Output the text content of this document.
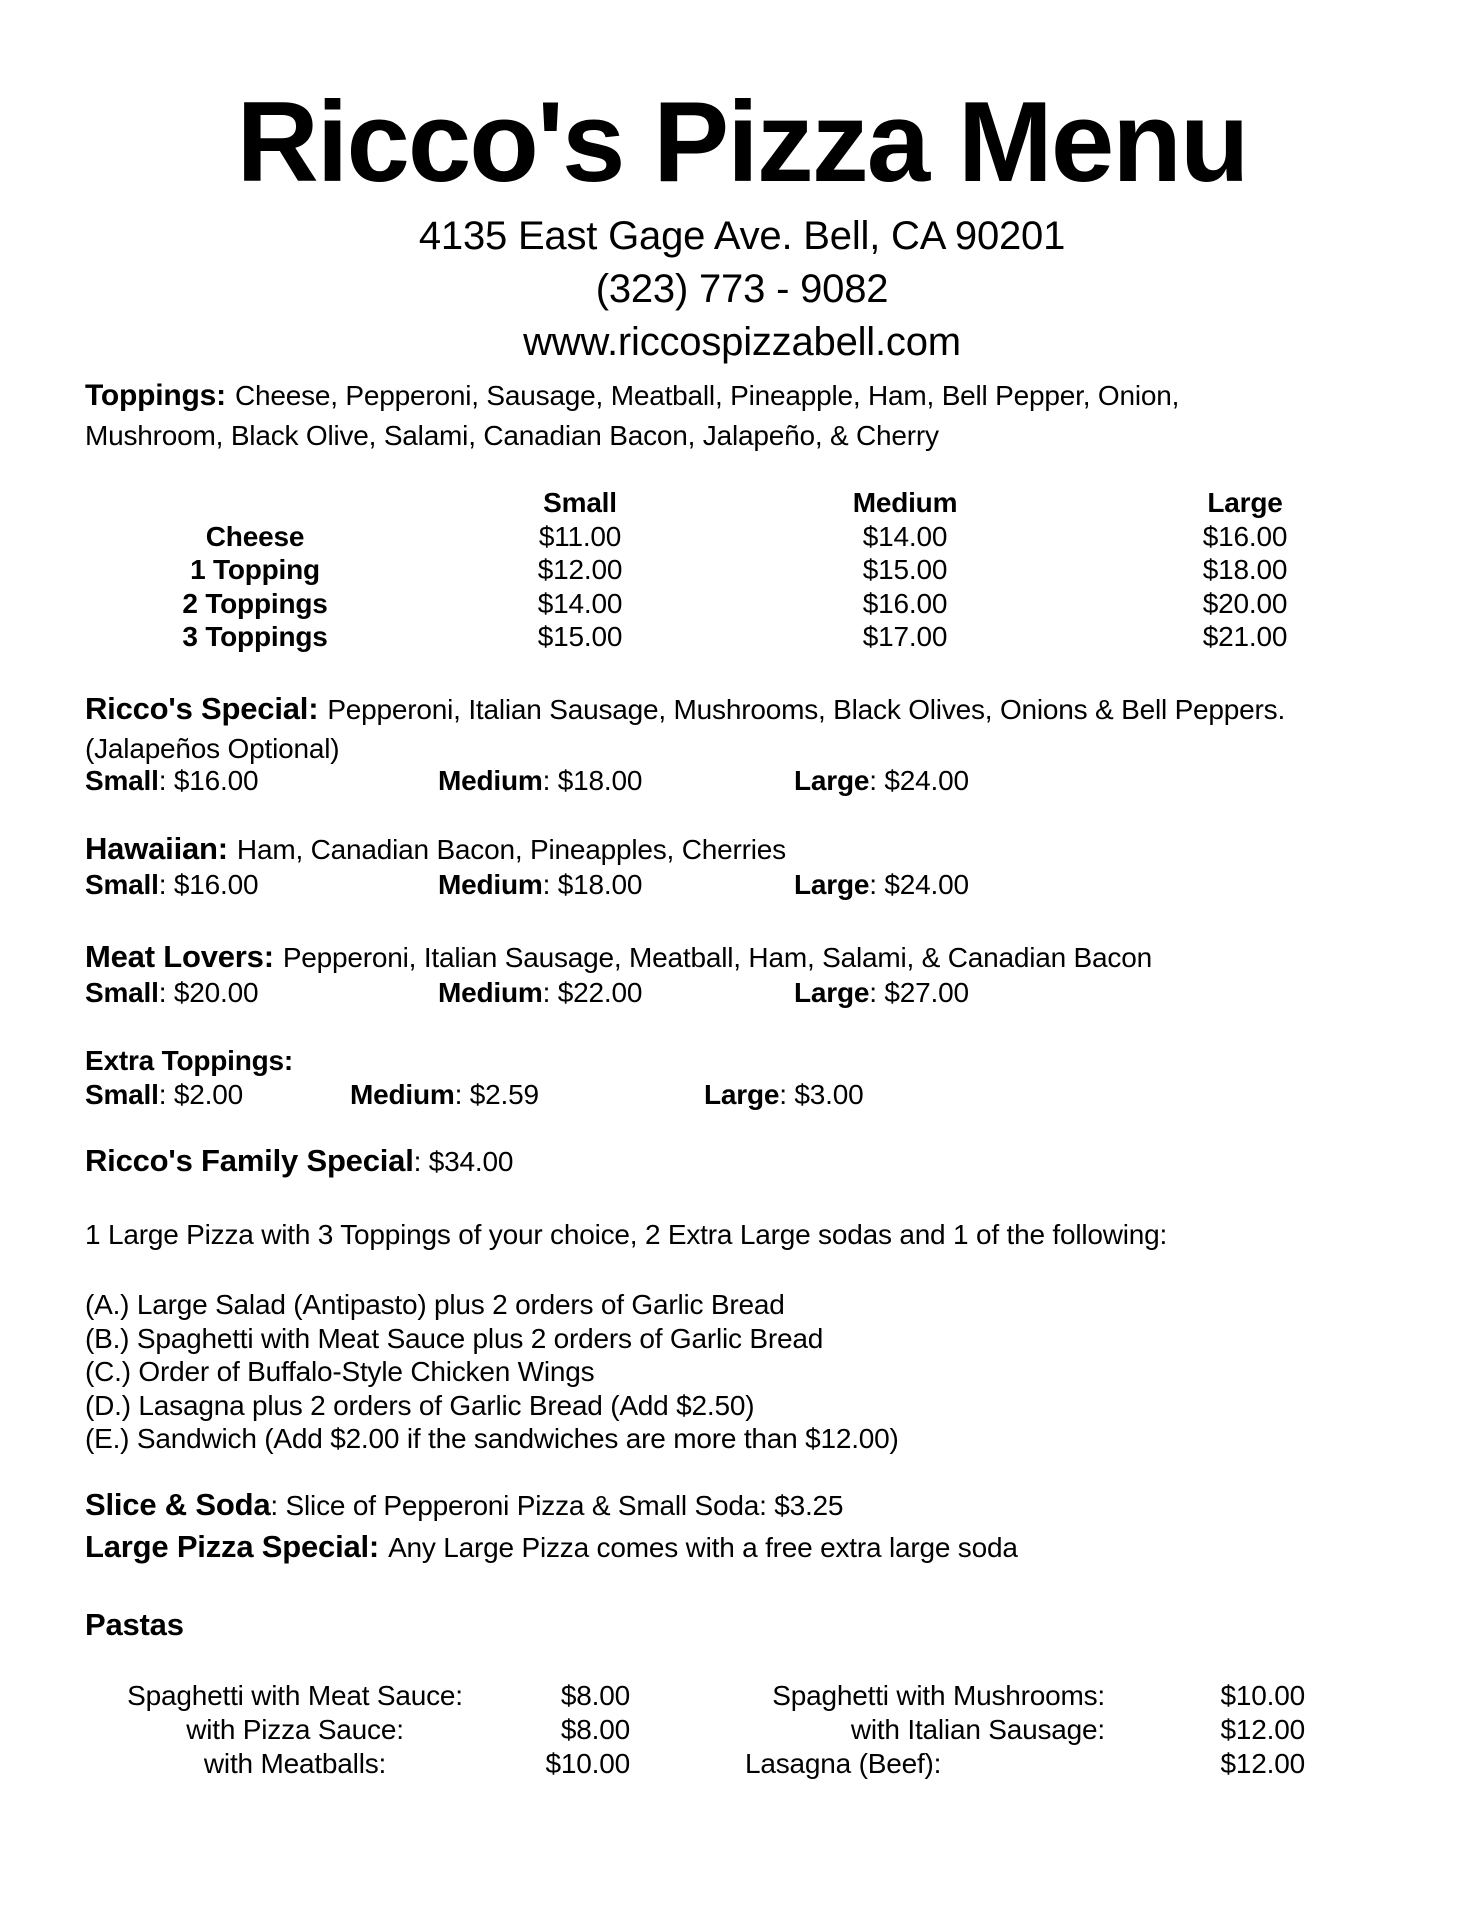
Ricco's Pizza Menu
4135 East Gage Ave. Bell, CA 90201
(323) 773 - 9082
www.riccospizzabell.com
Toppings: Cheese, Pepperoni, Sausage, Meatball, Pineapple, Ham, Bell Pepper, Onion,
Mushroom, Black Olive, Salami, Canadian Bacon, Jalapeño, & Cherry
Small	Medium	Large
Cheese	$11.00	$14.00	$16.00
1 Topping	$12.00	$15.00	$18.00
2 Toppings	$14.00	$16.00	$20.00
3 Toppings	$15.00	$17.00	$21.00
Ricco's Special: Pepperoni, Italian Sausage, Mushrooms, Black Olives, Onions & Bell Peppers.
(Jalapeños Optional)
Small: $16.00	Medium: $18.00	Large: $24.00
Hawaiian: Ham, Canadian Bacon, Pineapples, Cherries
Small: $16.00	Medium: $18.00	Large: $24.00
Meat Lovers: Pepperoni, Italian Sausage, Meatball, Ham, Salami, & Canadian Bacon
Small: $20.00	Medium: $22.00	Large: $27.00
Extra Toppings:
Small: $2.00	Medium: $2.59	Large: $3.00
Ricco's Family Special: $34.00
1 Large Pizza with 3 Toppings of your choice, 2 Extra Large sodas and 1 of the following:
(A.) Large Salad (Antipasto) plus 2 orders of Garlic Bread
(B.) Spaghetti with Meat Sauce plus 2 orders of Garlic Bread
(C.) Order of Buffalo-Style Chicken Wings
(D.) Lasagna plus 2 orders of Garlic Bread (Add $2.50)
(E.) Sandwich (Add $2.00 if the sandwiches are more than $12.00)
Slice & Soda: Slice of Pepperoni Pizza & Small Soda: $3.25
Large Pizza Special: Any Large Pizza comes with a free extra large soda
Pastas
Spaghetti with Meat Sauce:	$8.00	Spaghetti with Mushrooms:	$10.00
with Pizza Sauce:	$8.00	with Italian Sausage:	$12.00
with Meatballs:	$10.00	Lasagna (Beef):	$12.00
